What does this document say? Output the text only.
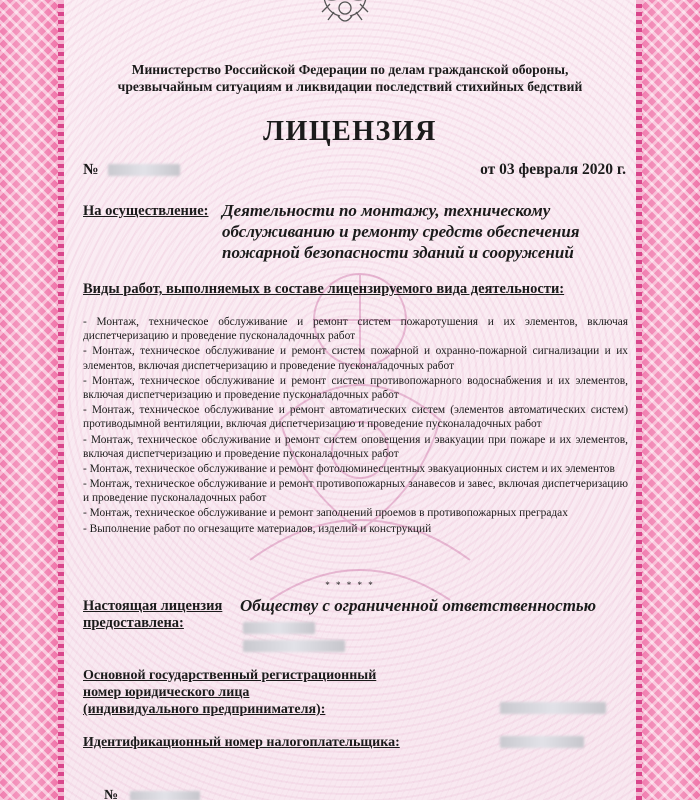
Министерство Российской Федерации по делам гражданской обороны,
чрезвычайным ситуациям и ликвидации последствий стихийных бедствий
ЛИЦЕНЗИЯ
№	от 03 февраля 2020 г.
На осуществление: Деятельности по монтажу, техническому обслуживанию и ремонту средств обеспечения пожарной безопасности зданий и сооружений
Виды работ, выполняемых в составе лицензируемого вида деятельности:

- Монтаж, техническое обслуживание и ремонт систем пожаротушения и их элементов, включая диспетчеризацию и проведение пусконаладочных работ

- Монтаж, техническое обслуживание и ремонт систем пожарной и охранно-пожарной сигнализации и их элементов, включая диспетчеризацию и проведение пусконаладочных работ

- Монтаж, техническое обслуживание и ремонт систем противопожарного водоснабжения и их элементов, включая диспетчеризацию и проведение пусконаладочных работ

- Монтаж, техническое обслуживание и ремонт автоматических систем (элементов автоматических систем) противодымной вентиляции, включая диспетчеризацию и проведение пусконаладочных работ

- Монтаж, техническое обслуживание и ремонт систем оповещения и эвакуации при пожаре и их элементов, включая диспетчеризацию и проведение пусконаладочных работ

- Монтаж, техническое обслуживание и ремонт фотолюминесцентных эвакуационных систем и их элементов

- Монтаж, техническое обслуживание и ремонт противопожарных занавесов и завес, включая диспетчеризацию и проведение пусконаладочных работ

- Монтаж, техническое обслуживание и ремонт заполнений проемов в противопожарных преградах

- Выполнение работ по огнезащите материалов, изделий и конструкций

* * * * *
Настоящая лицензия
предоставлена:
Обществу с ограниченной ответственностью
Основной государственный регистрационный
номер юридического лица
(индивидуального предпринимателя):
Идентификационный номер налогоплательщика:
№
